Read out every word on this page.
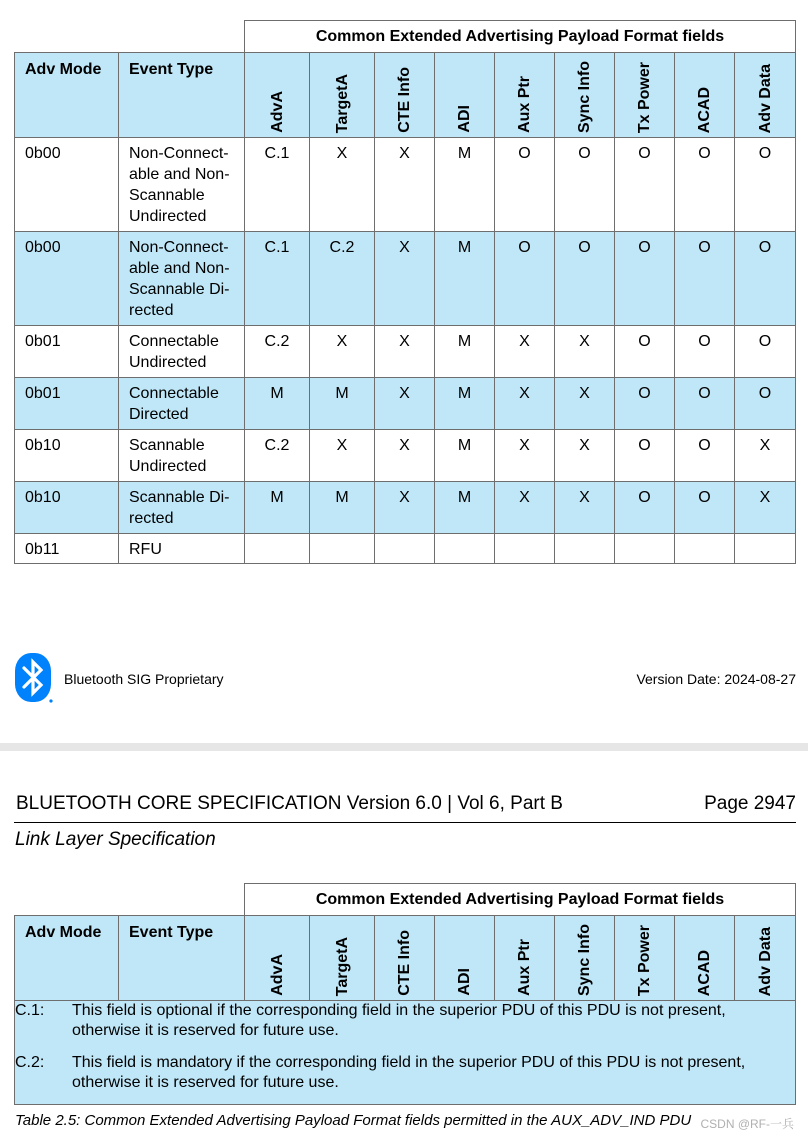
		Common Extended Advertising Payload Format fields								
Adv Mode	Event Type	AdvA	TargetA	CTE Info	ADI	Aux Ptr	Sync Info	Tx Power	ACAD	Adv Data

0b00	Non-Connect-
able and Non-
Scannable
Undirected	C.1	X	X	M	O	O	O	O	O
0b00	Non-Connect-
able and Non-
Scannable Di-
rected	C.1	C.2	X	M	O	O	O	O	O
0b01	Connectable
Undirected	C.2	X	X	M	X	X	O	O	O
0b01	Connectable
Directed	M	M	X	M	X	X	O	O	O
0b10	Scannable
Undirected	C.2	X	X	M	X	X	O	O	X
0b10	Scannable Di-
rected	M	M	X	M	X	X	O	O	X
0b11	RFU									
Bluetooth SIG Proprietary	Version Date: 2024-08-27
BLUETOOTH CORE SPECIFICATION Version 6.0 | Vol 6, Part B	Page 2947
Link Layer Specification
		Common Extended Advertising Payload Format fields								
Adv Mode	Event Type	AdvA	TargetA	CTE Info	ADI	Aux Ptr	Sync Info	Tx Power	ACAD	Adv Data

C.1: This field is optional if the corresponding field in the superior PDU of this PDU is not present, otherwise it is reserved for future use.
C.2: This field is mandatory if the corresponding field in the superior PDU of this PDU is not present, otherwise it is reserved for future use.										
Table 2.5: Common Extended Advertising Payload Format fields permitted in the AUX_ADV_IND PDU CSDN @RF-一兵
